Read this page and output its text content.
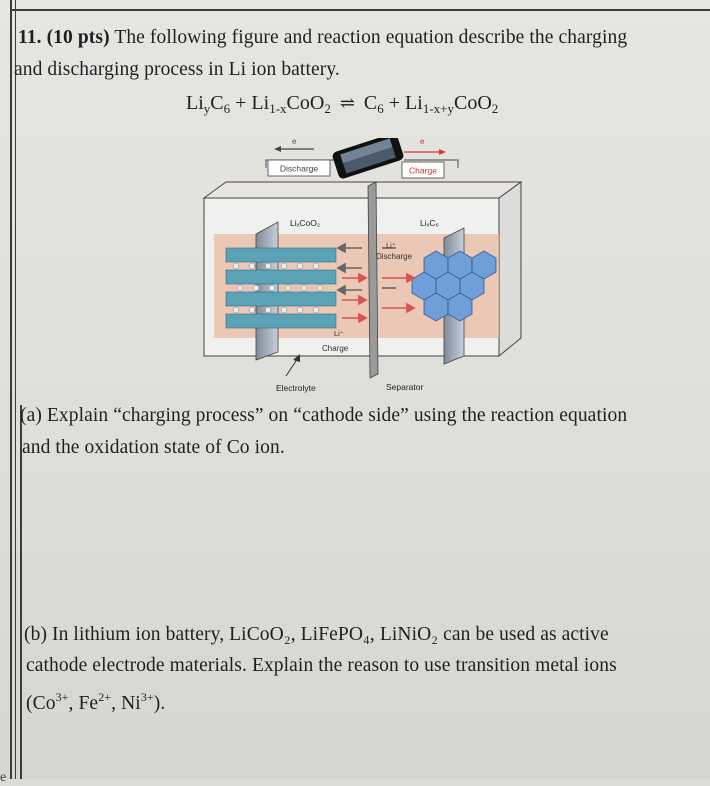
11. (10 pts) The following figure and reaction equation describe the charging
and discharging process in Li ion battery.
$Li_yC_6 + Li_{1-x}CoO_2$ ⇌ $C_6 + Li_{1-x+y}CoO_2$
e	e
Discharge	Charge
LiₓCoO₂	LiₓC₆
Li⁺
Discharge
Li⁺
Charge
Electrolyte	Separator
(a) Explain “charging process” on “cathode side” using the reaction equation
and the oxidation state of Co ion.
(b) In lithium ion battery, LiCoO₂, LiFePO₄, LiNiO₂ can be used as active
cathode electrode materials. Explain the reason to use transition metal ions
($Co^{3+}$, $Fe^{2+}$, $Ni^{3+}$).
e
